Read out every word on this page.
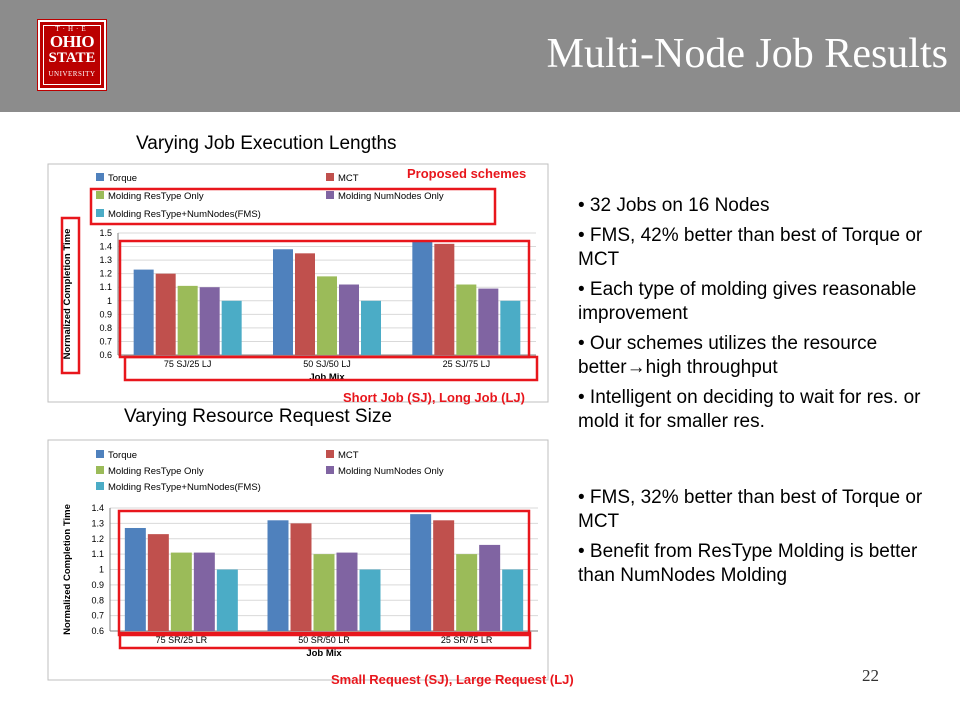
T·H·E
OHIO
STATE
UNIVERSITY	Multi-Node Job Results
Varying Job Execution Lengths
Varying Resource Request Size
Torque	MCT
Molding ResType Only	Molding NumNodes Only
Molding ResType+NumNodes(FMS)
1.5
1.4
1.3
1.2
1.1
1
0.9
0.8
0.7
0.6
75 SJ/25 LJ	50 SJ/50 LJ	25 SJ/75 LJ
Job Mix
Normalized Completion Time
Torque	MCT
Molding ResType Only	Molding NumNodes Only
Molding ResType+NumNodes(FMS)
1.4
1.3
1.2
1.1
1
0.9
0.8
0.7
0.6
75 SR/25 LR	50 SR/50 LR	25 SR/75 LR
Job Mix
Normalized Completion Time
Proposed schemes
Short Job (SJ), Long Job (LJ)
Small Request (SJ), Large Request (LJ)

• 32 Jobs on 16 Nodes

• FMS, 42% better than best of Torque or MCT

• Each type of molding gives reasonable improvement

• Our schemes utilizes the resource better→high throughput

• Intelligent on deciding to wait for res. or mold it for smaller res.

• FMS, 32% better than best of Torque or MCT

• Benefit from ResType Molding is better than NumNodes Molding

22
